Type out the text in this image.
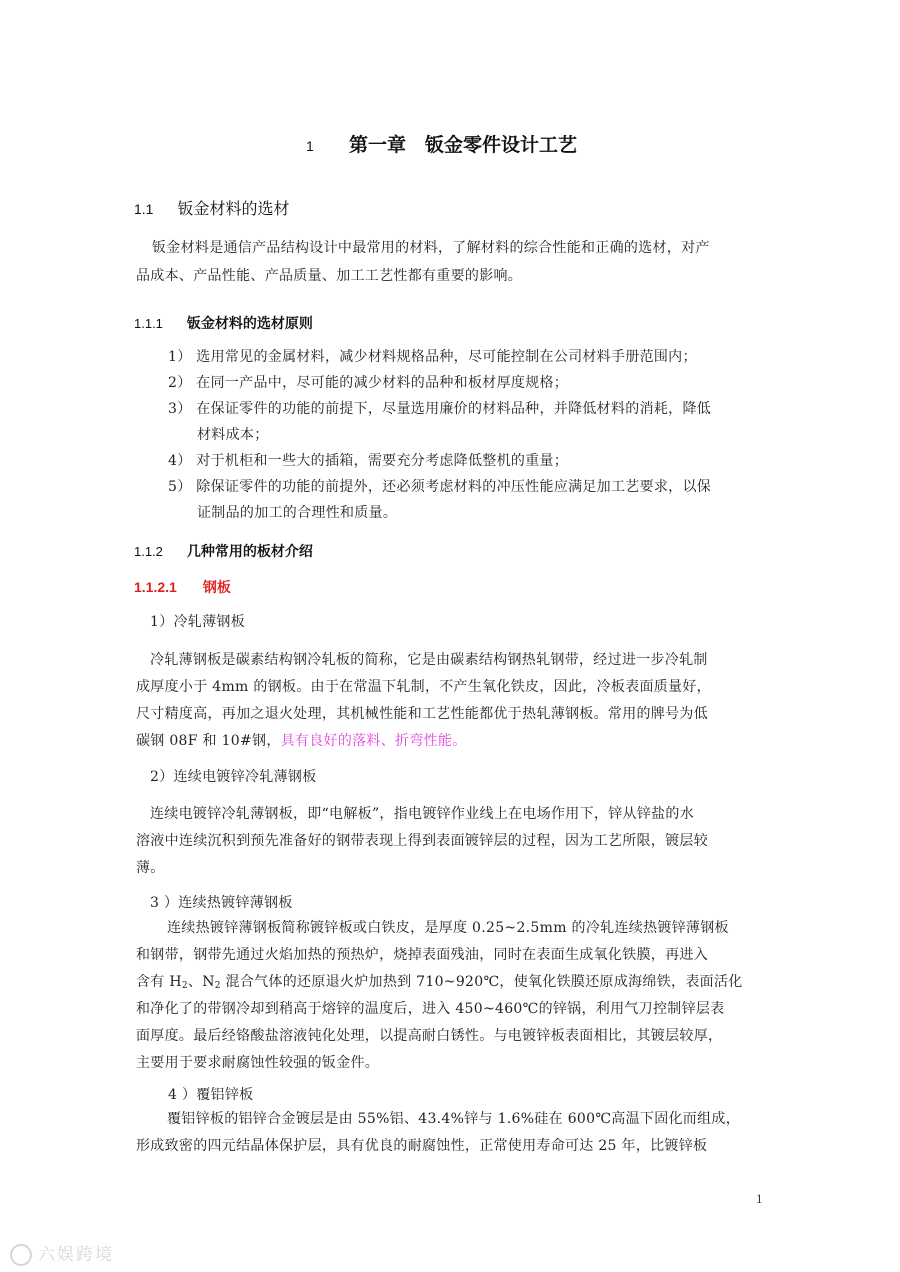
1 第一章　钣金零件设计工艺
1.1 钣金材料的选材
钣金材料是通信产品结构设计中最常用的材料，了解材料的综合性能和正确的选材，对产
品成本、产品性能、产品质量、加工工艺性都有重要的影响。
1.1.1 钣金材料的选材原则
1） 选用常见的金属材料，减少材料规格品种，尽可能控制在公司材料手册范围内；
2） 在同一产品中，尽可能的减少材料的品种和板材厚度规格；
3） 在保证零件的功能的前提下，尽量选用廉价的材料品种，并降低材料的消耗，降低
材料成本；
4） 对于机柜和一些大的插箱，需要充分考虑降低整机的重量；
5） 除保证零件的功能的前提外，还必须考虑材料的冲压性能应满足加工艺要求，以保
证制品的加工的合理性和质量。
1.1.2 几种常用的板材介绍
1.1.2.1 钢板
1）冷轧薄钢板
冷轧薄钢板是碳素结构钢冷轧板的简称，它是由碳素结构钢热轧钢带，经过进一步冷轧制
成厚度小于 4mm 的钢板。由于在常温下轧制，不产生氧化铁皮，因此，冷板表面质量好，
尺寸精度高，再加之退火处理，其机械性能和工艺性能都优于热轧薄钢板。常用的牌号为低
碳钢 08F 和 10#钢，具有良好的落料、折弯性能。
2）连续电镀锌冷轧薄钢板
连续电镀锌冷轧薄钢板，即“电解板”，指电镀锌作业线上在电场作用下，锌从锌盐的水
溶液中连续沉积到预先准备好的钢带表现上得到表面镀锌层的过程，因为工艺所限，镀层较
薄。
3 ）连续热镀锌薄钢板
连续热镀锌薄钢板简称镀锌板或白铁皮，是厚度 0.25~2.5mm 的冷轧连续热镀锌薄钢板
和钢带，钢带先通过火焰加热的预热炉，烧掉表面残油，同时在表面生成氧化铁膜，再进入
含有 $H_2$、$N_2$ 混合气体的还原退火炉加热到 710~920℃，使氧化铁膜还原成海绵铁，表面活化
和净化了的带钢冷却到稍高于熔锌的温度后，进入 450~460℃的锌锅，利用气刀控制锌层表
面厚度。最后经铬酸盐溶液钝化处理，以提高耐白锈性。与电镀锌板表面相比，其镀层较厚，
主要用于要求耐腐蚀性较强的钣金件。
4 ）覆铝锌板
覆铝锌板的铝锌合金镀层是由 55%铝、43.4%锌与 1.6%硅在 600℃高温下固化而组成，
形成致密的四元结晶体保护层，具有优良的耐腐蚀性，正常使用寿命可达 25 年，比镀锌板
1
六娱跨境
